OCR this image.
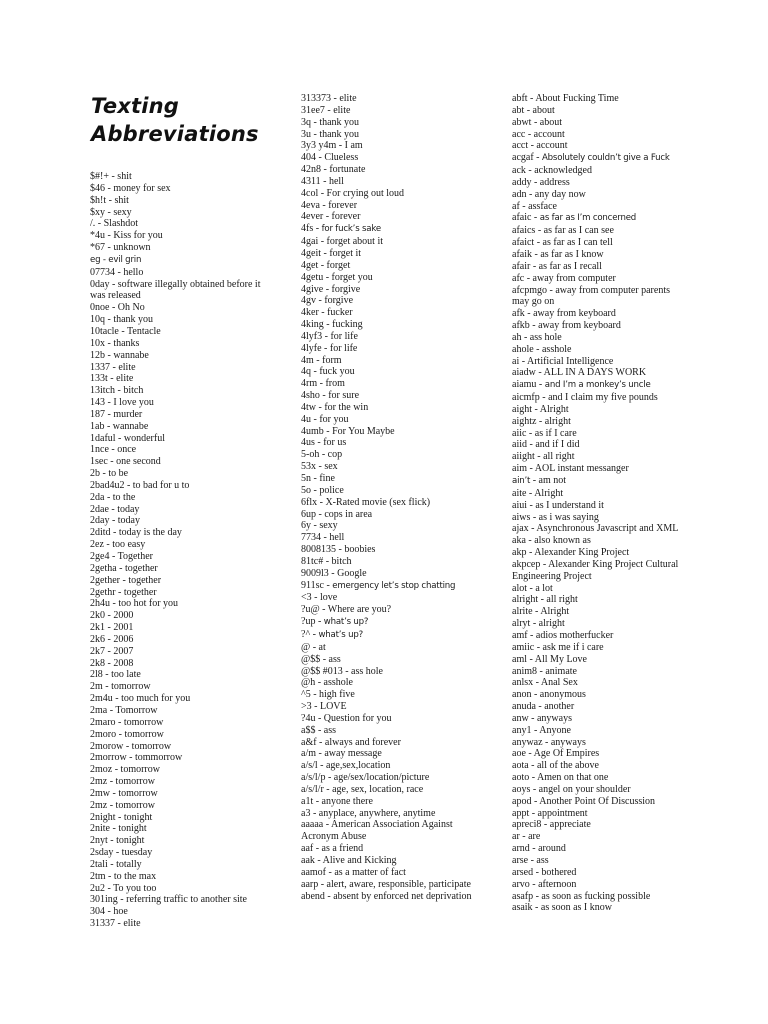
Texting
Abbreviations
$#!+ - shit
$46 - money for sex
$h!t - shit
$xy - sexy
/. - Slashdot
*4u - Kiss for you
*67 - unknown
eg - evil grin
07734 - hello
0day - software illegally obtained before it was released
0noe - Oh No
10q - thank you
10tacle - Tentacle
10x - thanks
12b - wannabe
1337 - elite
133t - elite
13itch - bitch
143 - I love you
187 - murder
1ab - wannabe
1daful - wonderful
1nce - once
1sec - one second
2b - to be
2bad4u2 - to bad for u to
2da - to the
2dae - today
2day - today
2ditd - today is the day
2ez - too easy
2ge4 - Together
2getha - together
2gether - together
2gethr - together
2h4u - too hot for you
2k0 - 2000
2k1 - 2001
2k6 - 2006
2k7 - 2007
2k8 - 2008
2l8 - too late
2m - tomorrow
2m4u - too much for you
2ma - Tomorrow
2maro - tomorrow
2moro - tomorrow
2morow - tomorrow
2morrow - tommorrow
2moz - tomorrow
2mz - tomorrow
2mw - tomorrow
2mz - tomorrow
2night - tonight
2nite - tonight
2nyt - tonight
2sday - tuesday
2tali - totally
2tm - to the max
2u2 - To you too
301ing - referring traffic to another site
304 - hoe
31337 - elite
313373 - elite
31ee7 - elite
3q - thank you
3u - thank you
3y3 y4m - I am
404 - Clueless
42n8 - fortunate
4311 - hell
4col - For crying out loud
4eva - forever
4ever - forever
4fs - for fuck’s sake
4gai - forget about it
4geit - forget it
4get - forget
4getu - forget you
4give - forgive
4gv - forgive
4ker - fucker
4king - fucking
4lyf3 - for life
4lyfe - for life
4m - form
4q - fuck you
4rm - from
4sho - for sure
4tw - for the win
4u - for you
4umb - For You Maybe
4us - for us
5-oh - cop
53x - sex
5n - fine
5o - police
6flx - X-Rated movie (sex flick)
6up - cops in area
6y - sexy
7734 - hell
8008135 - boobies
81tc# - bitch
9009l3 - Google
911sc - emergency let’s stop chatting
<3 - love
?u@ - Where are you?
?up - what’s up?
?^ - what’s up?
@ - at
@$$ - ass
@$$ #013 - ass hole
@h - asshole
^5 - high five
>3 - LOVE
?4u - Question for you
a$$ - ass
a&f - always and forever
a/m - away message
a/s/l - age,sex,location
a/s/l/p - age/sex/location/picture
a/s/l/r - age, sex, location, race
a1t - anyone there
a3 - anyplace, anywhere, anytime
aaaaa - American Association Against Acronym Abuse
aaf - as a friend
aak - Alive and Kicking
aamof - as a matter of fact
aarp - alert, aware, responsible, participate
abend - absent by enforced net deprivation
abft - About Fucking Time
abt - about
abwt - about
acc - account
acct - account
acgaf - Absolutely couldn’t give a Fuck
ack - acknowledged
addy - address
adn - any day now
af - assface
afaic - as far as I’m concerned
afaics - as far as I can see
afaict - as far as I can tell
afaik - as far as I know
afair - as far as I recall
afc - away from computer
afcpmgo - away from computer parents may go on
afk - away from keyboard
afkb - away from keyboard
ah - ass hole
ahole - asshole
ai - Artificial Intelligence
aiadw - ALL IN A DAYS WORK
aiamu - and I’m a monkey’s uncle
aicmfp - and I claim my five pounds
aight - Alright
aightz - alright
aiic - as if I care
aiid - and if I did
aiight - all right
aim - AOL instant messanger
ain’t - am not
aite - Alright
aiui - as I understand it
aiws - as i was saying
ajax - Asynchronous Javascript and XML
aka - also known as
akp - Alexander King Project
akpcep - Alexander King Project Cultural Engineering Project
alot - a lot
alright - all right
alrite - Alright
alryt - alright
amf - adios motherfucker
amiic - ask me if i care
aml - All My Love
anim8 - animate
anlsx - Anal Sex
anon - anonymous
anuda - another
anw - anyways
any1 - Anyone
anywaz - anyways
aoe - Age Of Empires
aota - all of the above
aoto - Amen on that one
aoys - angel on your shoulder
apod - Another Point Of Discussion
appt - appointment
apreci8 - appreciate
ar - are
arnd - around
arse - ass
arsed - bothered
arvo - afternoon
asafp - as soon as fucking possible
asaik - as soon as I know
